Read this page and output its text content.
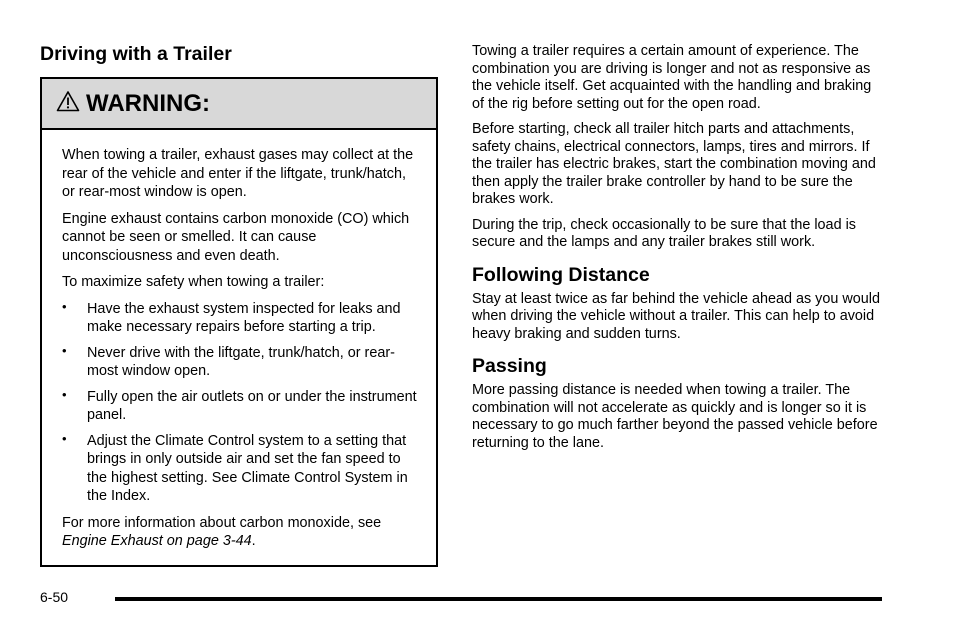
Driving with a Trailer
WARNING:

When towing a trailer, exhaust gases may collect at the rear of the vehicle and enter if the liftgate, trunk/hatch, or rear-most window is open.

Engine exhaust contains carbon monoxide (CO) which cannot be seen or smelled. It can cause unconsciousness and even death.

To maximize safety when towing a trailer:

• Have the exhaust system inspected for leaks and make necessary repairs before starting a trip.
• Never drive with the liftgate, trunk/hatch, or rear-most window open.
• Fully open the air outlets on or under the instrument panel.
• Adjust the Climate Control system to a setting that brings in only outside air and set the fan speed to the highest setting. See Climate Control System in the Index.

For more information about carbon monoxide, see Engine Exhaust on page 3-44.

Towing a trailer requires a certain amount of experience. The combination you are driving is longer and not as responsive as the vehicle itself. Get acquainted with the handling and braking of the rig before setting out for the open road.

Before starting, check all trailer hitch parts and attachments, safety chains, electrical connectors, lamps, tires and mirrors. If the trailer has electric brakes, start the combination moving and then apply the trailer brake controller by hand to be sure the brakes work.

During the trip, check occasionally to be sure that the load is secure and the lamps and any trailer brakes still work.

Following Distance

Stay at least twice as far behind the vehicle ahead as you would when driving the vehicle without a trailer. This can help to avoid heavy braking and sudden turns.

Passing

More passing distance is needed when towing a trailer. The combination will not accelerate as quickly and is longer so it is necessary to go much farther beyond the passed vehicle before returning to the lane.

6-50
